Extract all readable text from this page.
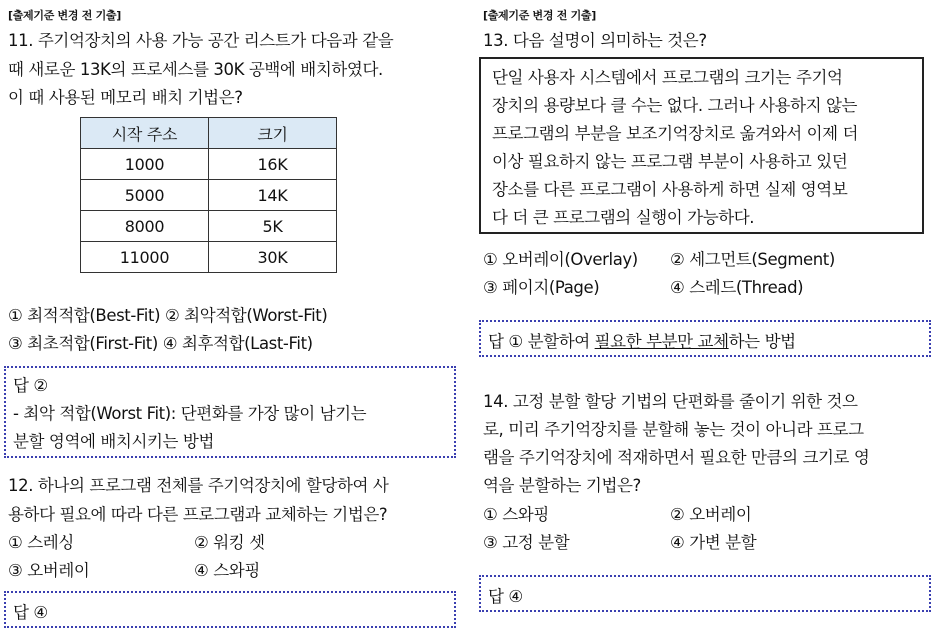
[출제기준 변경 전 기출]
11. 주기억장치의 사용 가능 공간 리스트가 다음과 같을
때 새로운 13K의 프로세스를 30K 공백에 배치하였다.
이 때 사용된 메모리 배치 기법은?
시작 주소	크기
1000	16K
5000	14K
8000	5K
11000	30K
① 최적적합(Best-Fit) ② 최악적합(Worst-Fit)
③ 최초적합(First-Fit) ④ 최후적합(Last-Fit)
답 ②
- 최악 적합(Worst Fit): 단편화를 가장 많이 남기는
분할 영역에 배치시키는 방법
12. 하나의 프로그램 전체를 주기억장치에 할당하여 사
용하다 필요에 따라 다른 프로그램과 교체하는 기법은?
① 스레싱	② 워킹 셋
③ 오버레이	④ 스와핑
답 ④
[출제기준 변경 전 기출]
13. 다음 설명이 의미하는 것은?
단일 사용자 시스템에서 프로그램의 크기는 주기억
장치의 용량보다 클 수는 없다. 그러나 사용하지 않는
프로그램의 부분을 보조기억장치로 옮겨와서 이제 더
이상 필요하지 않는 프로그램 부분이 사용하고 있던
장소를 다른 프로그램이 사용하게 하면 실제 영역보
다 더 큰 프로그램의 실행이 가능하다.
① 오버레이(Overlay) ② 세그먼트(Segment)
③ 페이지(Page)	④ 스레드(Thread)
답 ① 분할하여 필요한 부분만 교체하는 방법
14. 고정 분할 할당 기법의 단편화를 줄이기 위한 것으
로, 미리 주기억장치를 분할해 놓는 것이 아니라 프로그
램을 주기억장치에 적재하면서 필요한 만큼의 크기로 영
역을 분할하는 기법은?
① 스와핑	② 오버레이
③ 고정 분할	④ 가변 분할
답 ④
